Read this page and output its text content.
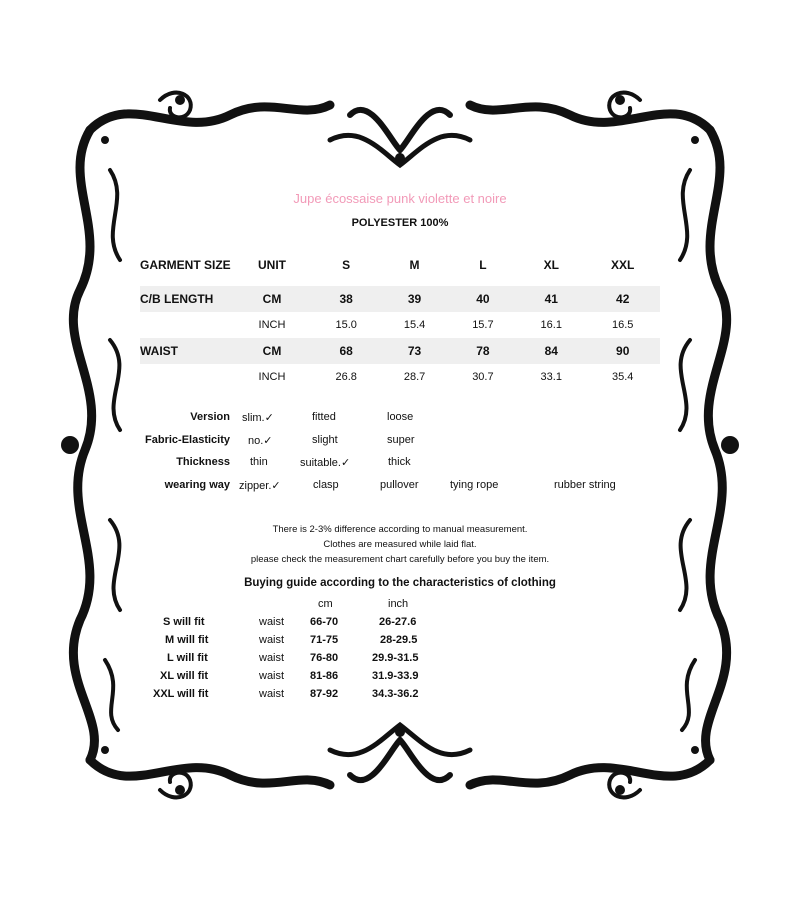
Jupe écossaise punk violette et noire
POLYESTER 100%
GARMENT SIZE	UNIT	S	M	L	XL	XXL
C/B LENGTH	CM	38	39	40	41	42
	INCH	15.0	15.4	15.7	16.1	16.5
WAIST	CM	68	73	78	84	90
	INCH	26.8	28.7	30.7	33.1	35.4
Version slim.✓	fitted	loose
Fabric-Elasticity no.✓	slight	super
Thickness thin	suitable.✓	thick
wearing way zipper.✓	clasp	pullover	tying rope	rubber string
There is 2-3% difference according to manual measurement.
Clothes are measured while laid flat.
please check the measurement chart carefully before you buy the item.
Buying guide according to the characteristics of clothing
cm	inch
S will fit	waist 66-70	26-27.6
M will fit	waist 71-75	28-29.5
L will fit	waist 76-80	29.9-31.5
XL will fit	waist 81-86	31.9-33.9
XXL will fit	waist 87-92	34.3-36.2
